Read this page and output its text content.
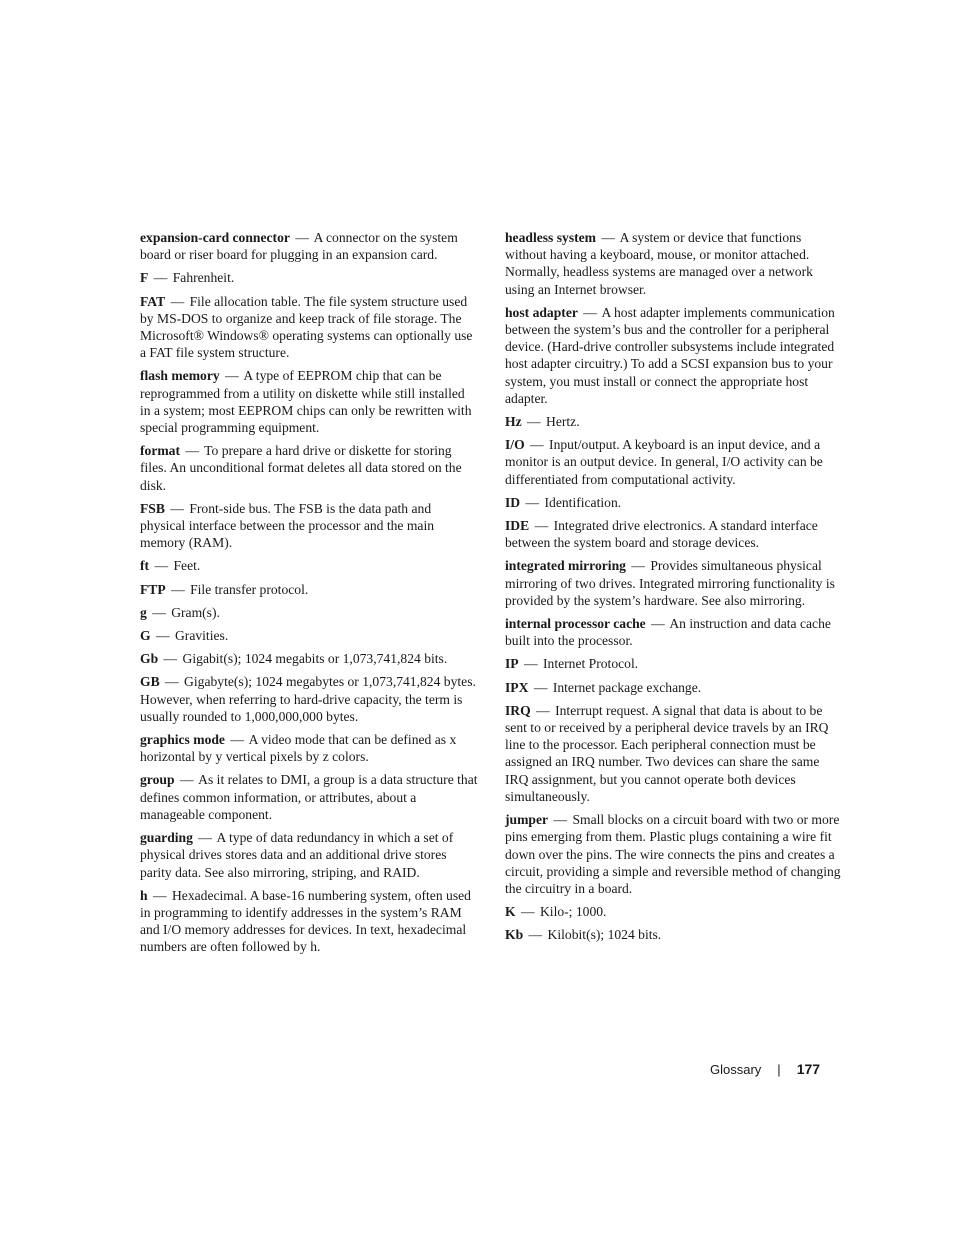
expansion-card connector — A connector on the system board or riser board for plugging in an expansion card.

F — Fahrenheit.

FAT — File allocation table. The file system structure used by MS-DOS to organize and keep track of file storage. The Microsoft® Windows® operating systems can optionally use a FAT file system structure.

flash memory — A type of EEPROM chip that can be reprogrammed from a utility on diskette while still installed in a system; most EEPROM chips can only be rewritten with special programming equipment.

format — To prepare a hard drive or diskette for storing files. An unconditional format deletes all data stored on the disk.

FSB — Front-side bus. The FSB is the data path and physical interface between the processor and the main memory (RAM).

ft — Feet.

FTP — File transfer protocol.

g — Gram(s).

G — Gravities.

Gb — Gigabit(s); 1024 megabits or 1,073,741,824 bits.

GB — Gigabyte(s); 1024 megabytes or 1,073,741,824 bytes. However, when referring to hard-drive capacity, the term is usually rounded to 1,000,000,000 bytes.

graphics mode — A video mode that can be defined as x horizontal by y vertical pixels by z colors.

group — As it relates to DMI, a group is a data structure that defines common information, or attributes, about a manageable component.

guarding — A type of data redundancy in which a set of physical drives stores data and an additional drive stores parity data. See also mirroring, striping, and RAID.

h — Hexadecimal. A base-16 numbering system, often used in programming to identify addresses in the system’s RAM and I/O memory addresses for devices. In text, hexadecimal numbers are often followed by h.

headless system — A system or device that functions without having a keyboard, mouse, or monitor attached. Normally, headless systems are managed over a network using an Internet browser.

host adapter — A host adapter implements communication between the system’s bus and the controller for a peripheral device. (Hard-drive controller subsystems include integrated host adapter circuitry.) To add a SCSI expansion bus to your system, you must install or connect the appropriate host adapter.

Hz — Hertz.

I/O — Input/output. A keyboard is an input device, and a monitor is an output device. In general, I/O activity can be differentiated from computational activity.

ID — Identification.

IDE — Integrated drive electronics. A standard interface between the system board and storage devices.

integrated mirroring — Provides simultaneous physical mirroring of two drives. Integrated mirroring functionality is provided by the system’s hardware. See also mirroring.

internal processor cache — An instruction and data cache built into the processor.

IP — Internet Protocol.

IPX — Internet package exchange.

IRQ — Interrupt request. A signal that data is about to be sent to or received by a peripheral device travels by an IRQ line to the processor. Each peripheral connection must be assigned an IRQ number. Two devices can share the same IRQ assignment, but you cannot operate both devices simultaneously.

jumper — Small blocks on a circuit board with two or more pins emerging from them. Plastic plugs containing a wire fit down over the pins. The wire connects the pins and creates a circuit, providing a simple and reversible method of changing the circuitry in a board.

K — Kilo-; 1000.

Kb — Kilobit(s); 1024 bits.

Glossary | 177
